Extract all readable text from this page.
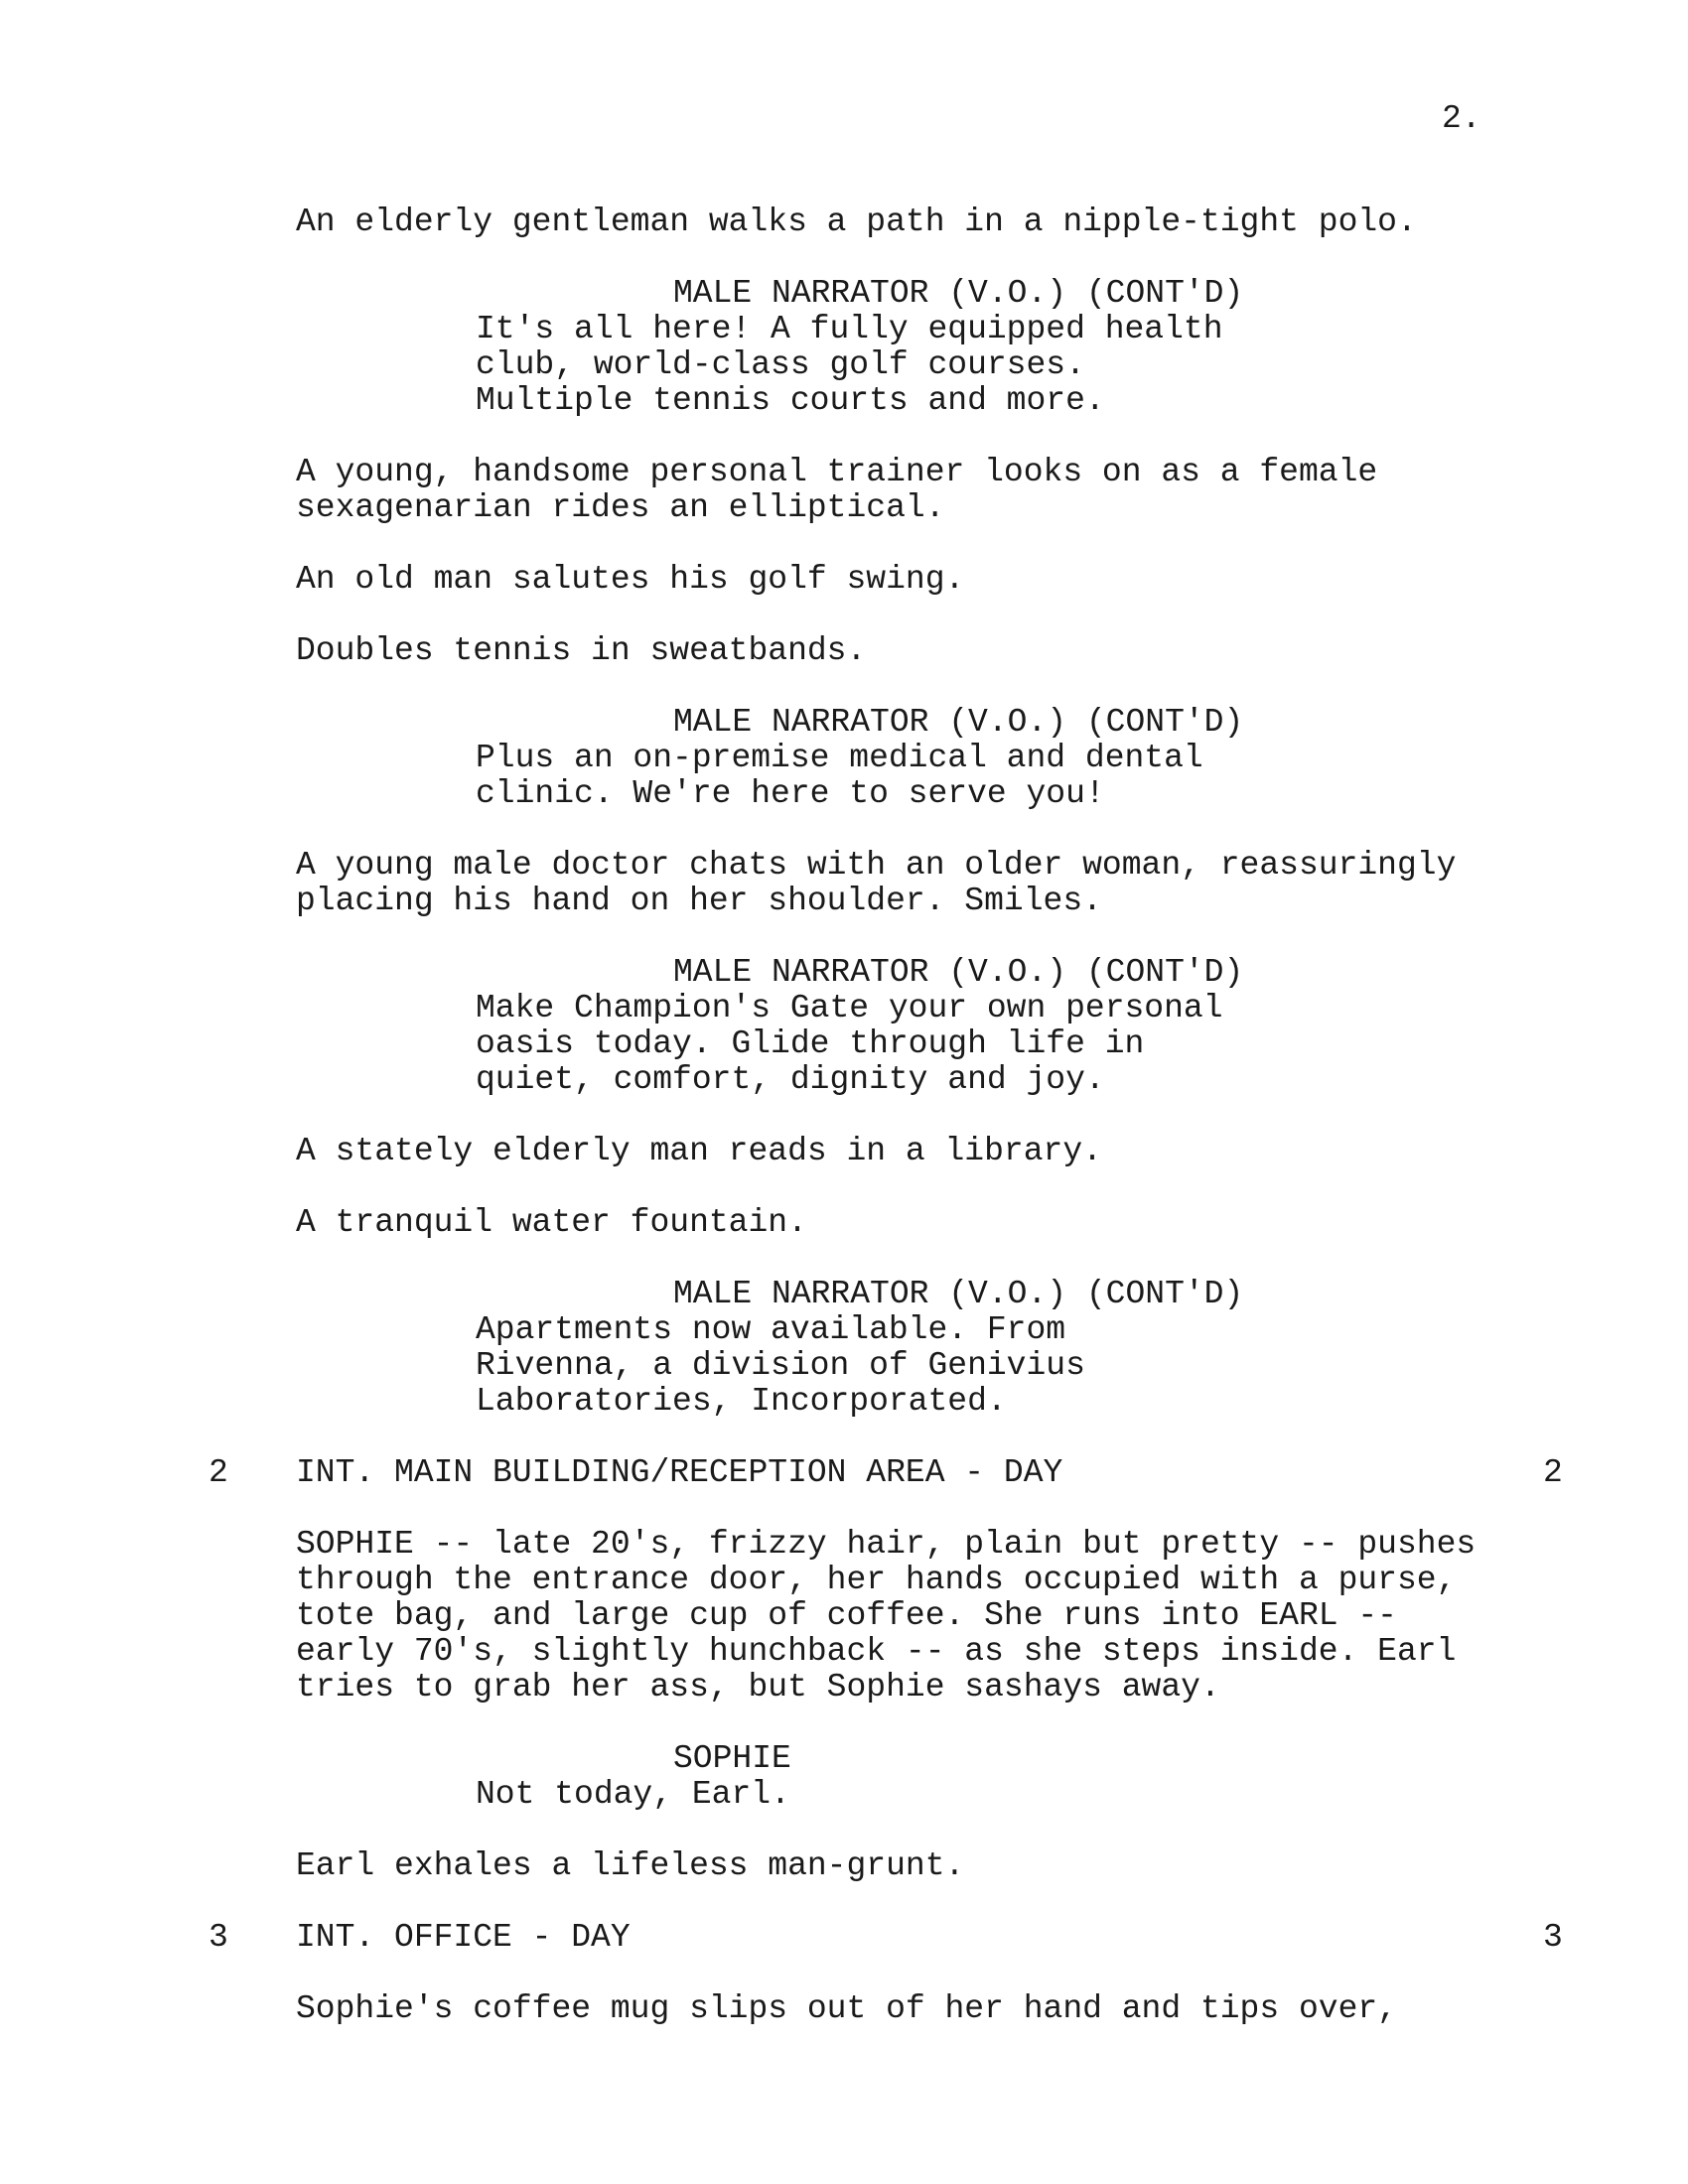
2.
An elderly gentleman walks a path in a nipple-tight polo.
MALE NARRATOR (V.O.) (CONT'D)
It's all here! A fully equipped health
club, world-class golf courses.
Multiple tennis courts and more.
A young, handsome personal trainer looks on as a female
sexagenarian rides an elliptical.
An old man salutes his golf swing.
Doubles tennis in sweatbands.
MALE NARRATOR (V.O.) (CONT'D)
Plus an on-premise medical and dental
clinic. We're here to serve you!
A young male doctor chats with an older woman, reassuringly
placing his hand on her shoulder. Smiles.
MALE NARRATOR (V.O.) (CONT'D)
Make Champion's Gate your own personal
oasis today. Glide through life in
quiet, comfort, dignity and joy.
A stately elderly man reads in a library.
A tranquil water fountain.
MALE NARRATOR (V.O.) (CONT'D)
Apartments now available. From
Rivenna, a division of Genivius
Laboratories, Incorporated.
2 INT. MAIN BUILDING/RECEPTION AREA - DAY	2
SOPHIE -- late 20's, frizzy hair, plain but pretty -- pushes
through the entrance door, her hands occupied with a purse,
tote bag, and large cup of coffee. She runs into EARL --
early 70's, slightly hunchback -- as she steps inside. Earl
tries to grab her ass, but Sophie sashays away.
SOPHIE
Not today, Earl.
Earl exhales a lifeless man-grunt.
3 INT. OFFICE - DAY	3
Sophie's coffee mug slips out of her hand and tips over,
